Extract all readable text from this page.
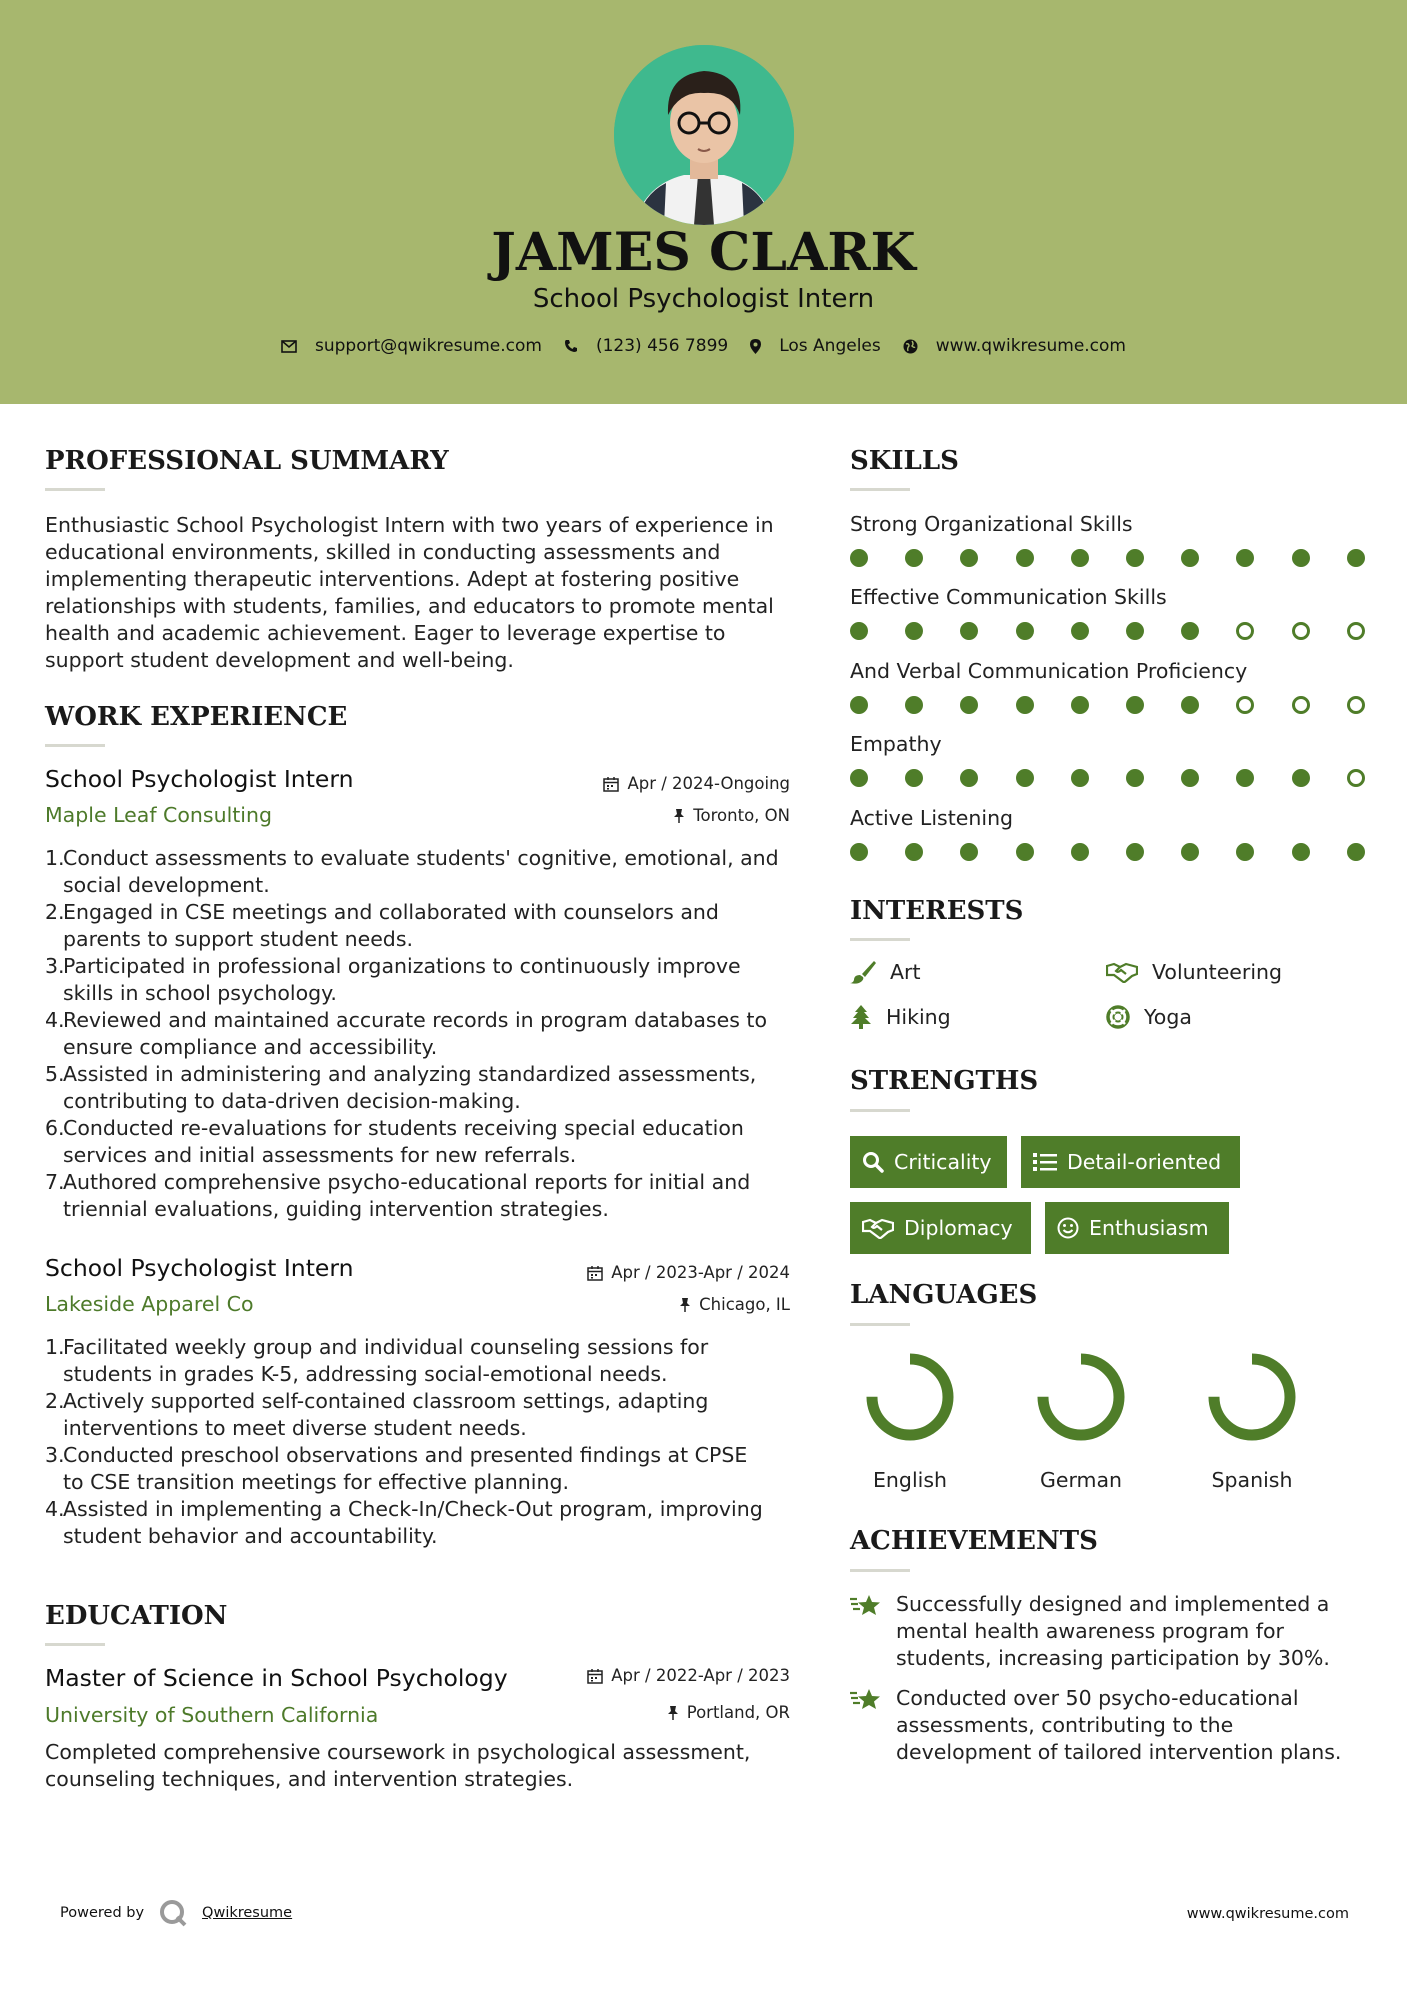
JAMES CLARK
School Psychologist Intern
support@qwikresume.com	(123) 456 7899	Los Angeles	www.qwikresume.com
PROFESSIONAL SUMMARY
Enthusiastic School Psychologist Intern with two years of experience in
educational environments, skilled in conducting assessments and
implementing therapeutic interventions. Adept at fostering positive
relationships with students, families, and educators to promote mental
health and academic achievement. Eager to leverage expertise to
support student development and well-being.
WORK EXPERIENCE
School Psychologist Intern	Apr / 2024-Ongoing
Maple Leaf Consulting	Toronto, ON
1.
Conduct assessments to evaluate students' cognitive, emotional, and
social development.
2.
Engaged in CSE meetings and collaborated with counselors and
parents to support student needs.
3.
Participated in professional organizations to continuously improve
skills in school psychology.
4.
Reviewed and maintained accurate records in program databases to
ensure compliance and accessibility.
5.
Assisted in administering and analyzing standardized assessments,
contributing to data-driven decision-making.
6.
Conducted re-evaluations for students receiving special education
services and initial assessments for new referrals.
7.
Authored comprehensive psycho-educational reports for initial and
triennial evaluations, guiding intervention strategies.
School Psychologist Intern	Apr / 2023-Apr / 2024
Lakeside Apparel Co	Chicago, IL
1.
Facilitated weekly group and individual counseling sessions for
students in grades K-5, addressing social-emotional needs.
2.
Actively supported self-contained classroom settings, adapting
interventions to meet diverse student needs.
3.
Conducted preschool observations and presented findings at CPSE
to CSE transition meetings for effective planning.
4.
Assisted in implementing a Check-In/Check-Out program, improving
student behavior and accountability.
EDUCATION
Master of Science in School Psychology	Apr / 2022-Apr / 2023
University of Southern California	Portland, OR
Completed comprehensive coursework in psychological assessment,
counseling techniques, and intervention strategies.
SKILLS
Strong Organizational Skills
Effective Communication Skills
And Verbal Communication Proficiency
Empathy
Active Listening
INTERESTS
Art	Volunteering
Hiking	Yoga
STRENGTHS
Criticality	Detail-oriented
Diplomacy	Enthusiasm
LANGUAGES
English	German	Spanish
ACHIEVEMENTS
Successfully designed and implemented a
mental health awareness program for
students, increasing participation by 30%.
Conducted over 50 psycho-educational
assessments, contributing to the
development of tailored intervention plans.
Powered by	Qwikresume	www.qwikresume.com
